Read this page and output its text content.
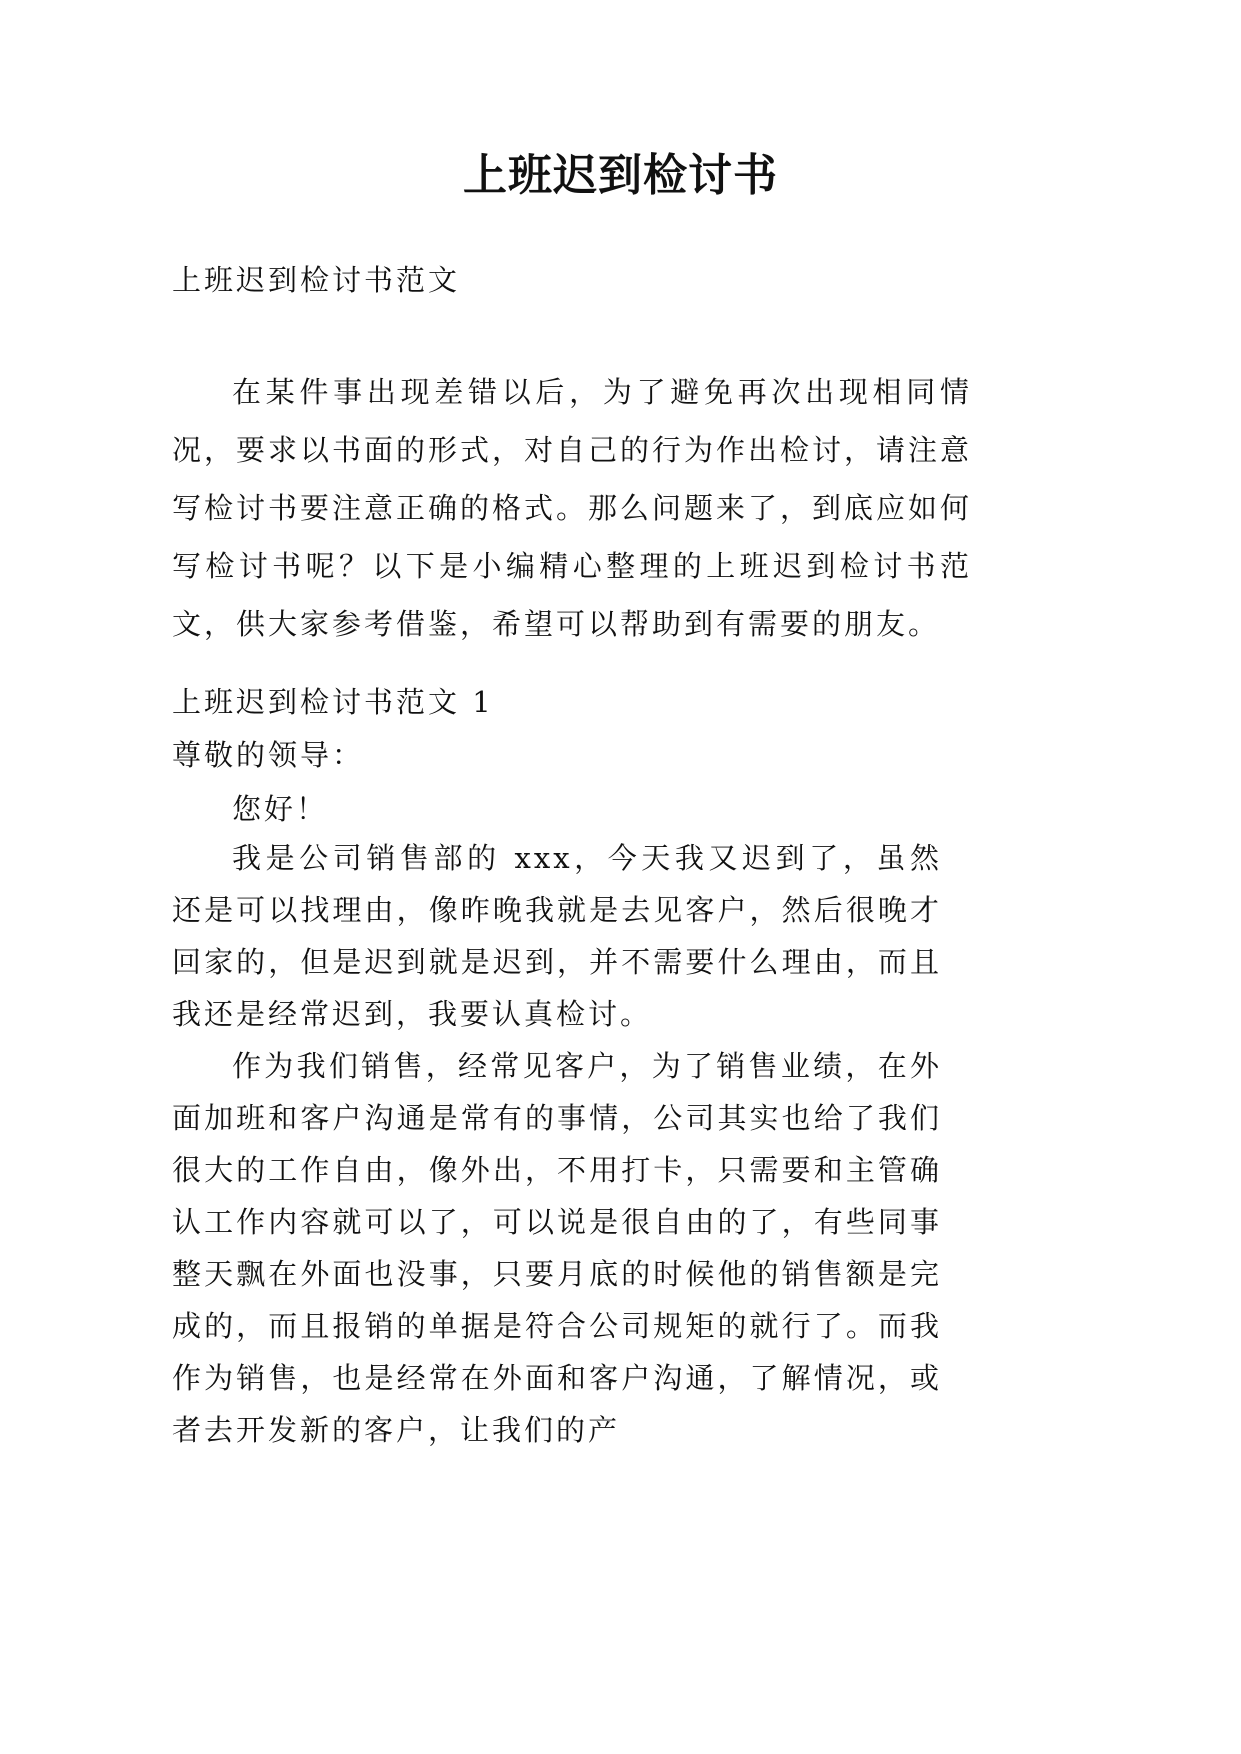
上班迟到检讨书
上班迟到检讨书范文

在某件事出现差错以后，为了避免再次出现相同情况，要求以书面的形式，对自己的行为作出检讨，请注意写检讨书要注意正确的格式。那么问题来了，到底应如何写检讨书呢？以下是小编精心整理的上班迟到检讨书范文，供大家参考借鉴，希望可以帮助到有需要的朋友。

上班迟到检讨书范文 1
尊敬的领导：
您好！

我是公司销售部的 xxx，今天我又迟到了，虽然还是可以找理由，像昨晚我就是去见客户，然后很晚才回家的，但是迟到就是迟到，并不需要什么理由，而且我还是经常迟到，我要认真检讨。

作为我们销售，经常见客户，为了销售业绩，在外面加班和客户沟通是常有的事情，公司其实也给了我们很大的工作自由，像外出，不用打卡，只需要和主管确认工作内容就可以了，可以说是很自由的了，有些同事整天飘在外面也没事，只要月底的时候他的销售额是完成的，而且报销的单据是符合公司规矩的就行了。而我作为销售，也是经常在外面和客户沟通，了解情况，或者去开发新的客户，让我们的产
